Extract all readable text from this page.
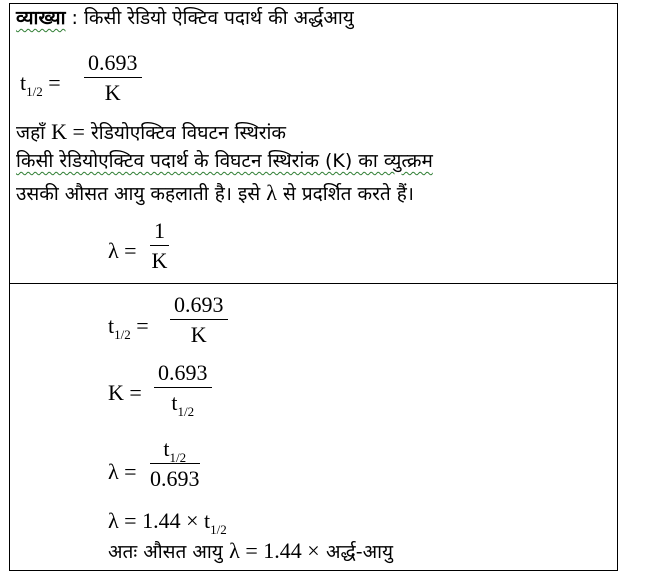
व्याख्या : किसी रेडियो ऐक्टिव पदार्थ की अर्द्धआयु
$t_{1/2} = \frac{0.693}{K}$
जहाँ K = रेडियोएक्टिव विघटन स्थिरांक
किसी रेडियोएक्टिव पदार्थ के विघटन स्थिरांक (K) का व्युत्क्रम
उसकी औसत आयु कहलाती है। इसे λ से प्रदर्शित करते हैं।
$\lambda = \frac{1}{K}$
$t_{1/2} = \frac{0.693}{K}$
$K = \frac{0.693}{t_{1/2}}$
$\lambda = \frac{t_{1/2}}{0.693}$
$\lambda = 1.44 \times t_{1/2}$
अतः औसत आयु λ = 1.44 × अर्द्ध-आयु
